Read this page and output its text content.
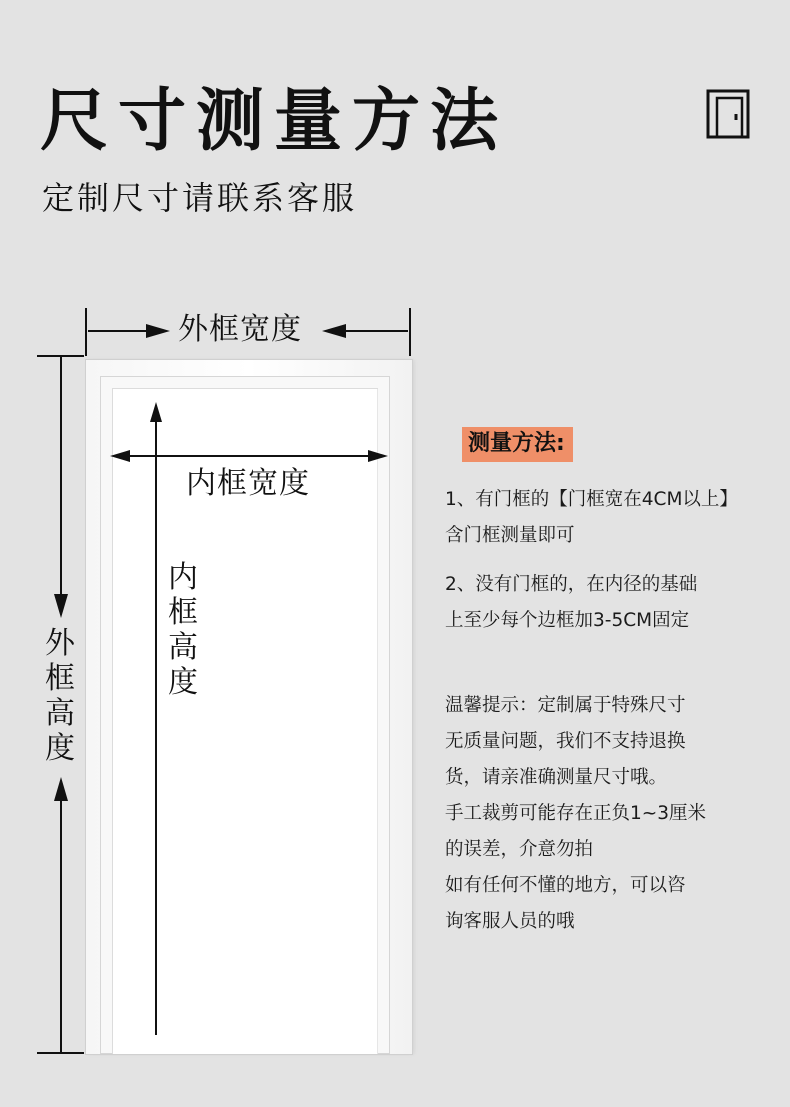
尺寸测量方法
定制尺寸请联系客服
外框宽度
内框宽度
内框高度
外框高度
测量方法:
1、有门框的【门框宽在4CM以上】
含门框测量即可
2、没有门框的，在内径的基础
上至少每个边框加3-5CM固定
温馨提示：定制属于特殊尺寸
无质量问题，我们不支持退换
货，请亲准确测量尺寸哦。
手工裁剪可能存在正负1~3厘米
的误差，介意勿拍
如有任何不懂的地方，可以咨
询客服人员的哦
